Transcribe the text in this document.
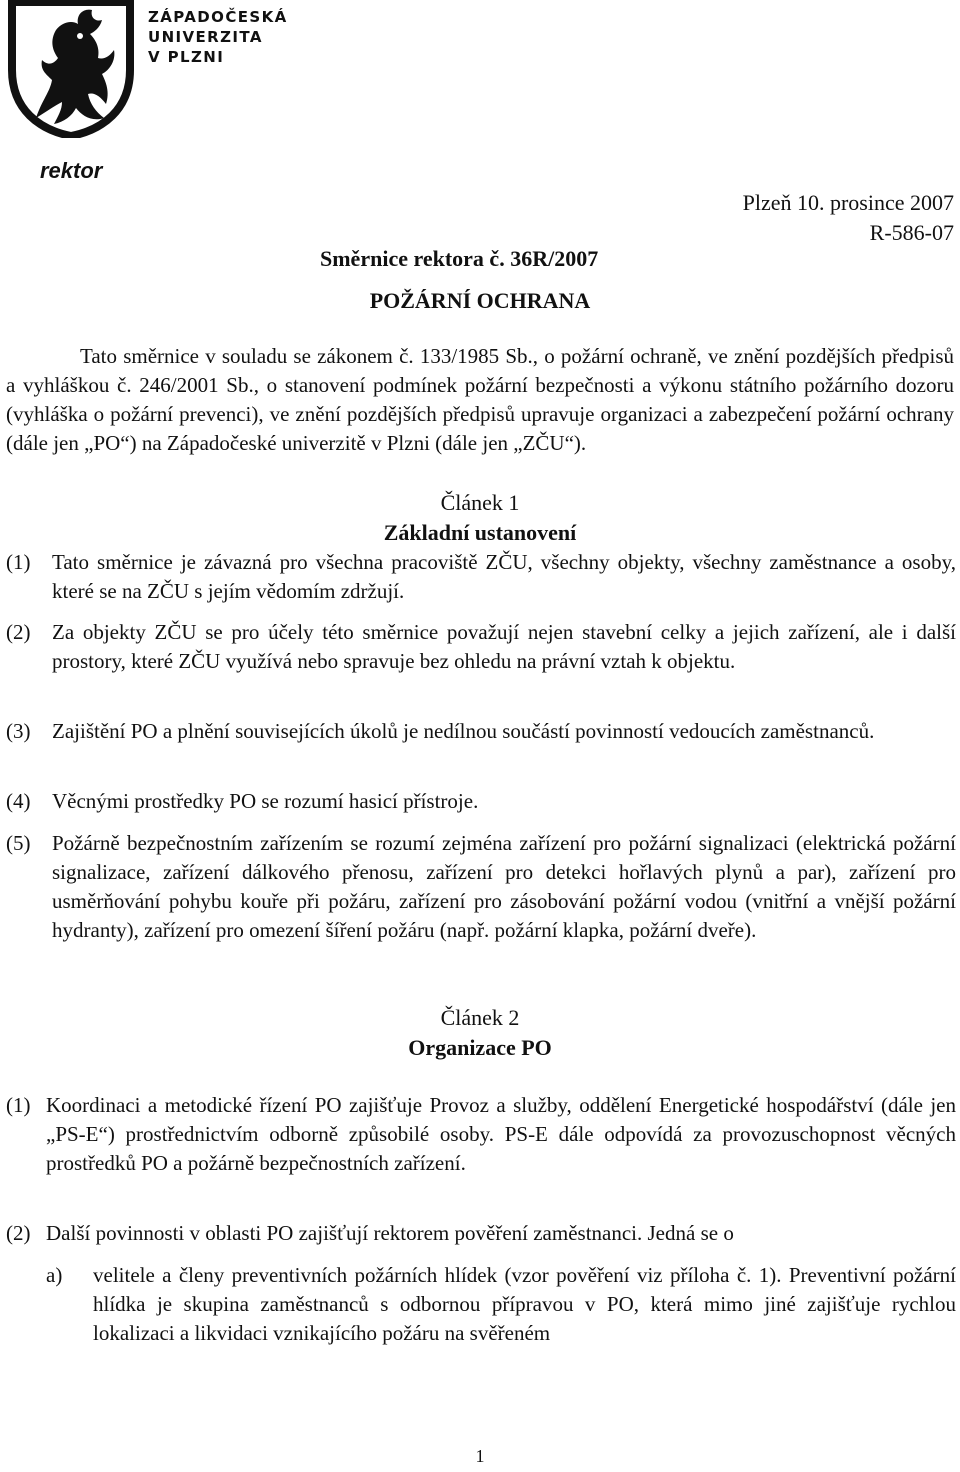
ZÁPADOČESKÁ
UNIVERZITA
V PLZNI
rektor
Plzeň 10. prosince 2007
R-586-07
Směrnice rektora č. 36R/2007
POŽÁRNÍ OCHRANA
Tato směrnice v souladu se zákonem č. 133/1985 Sb., o požární ochraně, ve znění pozdějších předpisů a vyhláškou č. 246/2001 Sb., o stanovení podmínek požární bezpečnosti a výkonu státního požárního dozoru (vyhláška o požární prevenci), ve znění pozdějších předpisů upravuje organizaci a zabezpečení požární ochrany (dále jen „PO“) na Západočeské univerzitě v Plzni (dále jen „ZČU“).
Článek 1
Základní ustanovení
(1)	Tato směrnice je závazná pro všechna pracoviště ZČU, všechny objekty, všechny zaměstnance a osoby, které se na ZČU s jejím vědomím zdržují.
(2)	Za objekty ZČU se pro účely této směrnice považují nejen stavební celky a jejich zařízení, ale i další prostory, které ZČU využívá nebo spravuje bez ohledu na právní vztah k objektu.
(3)	Zajištění PO a plnění souvisejících úkolů je nedílnou součástí povinností vedoucích zaměstnanců.
(4)	Věcnými prostředky PO se rozumí hasicí přístroje.
(5)	Požárně bezpečnostním zařízením se rozumí zejména zařízení pro požární signalizaci (elektrická požární signalizace, zařízení dálkového přenosu, zařízení pro detekci hořlavých plynů a par), zařízení pro usměrňování pohybu kouře při požáru, zařízení pro zásobování požární vodou (vnitřní a vnější požární hydranty), zařízení pro omezení šíření požáru (např. požární klapka, požární dveře).
Článek 2
Organizace PO
(1) Koordinaci a metodické řízení PO zajišťuje Provoz a služby, oddělení Energetické hospodářství (dále jen „PS-E“) prostřednictvím odborně způsobilé osoby. PS-E dále odpovídá za provozuschopnost věcných prostředků PO a požárně bezpečnostních zařízení.
(2) Další povinnosti v oblasti PO zajišťují rektorem pověření zaměstnanci. Jedná se o
a)	velitele a členy preventivních požárních hlídek (vzor pověření viz příloha č. 1). Preventivní požární hlídka je skupina zaměstnanců s odbornou přípravou v PO, která mimo jiné zajišťuje rychlou lokalizaci a likvidaci vznikajícího požáru na svěřeném
1
